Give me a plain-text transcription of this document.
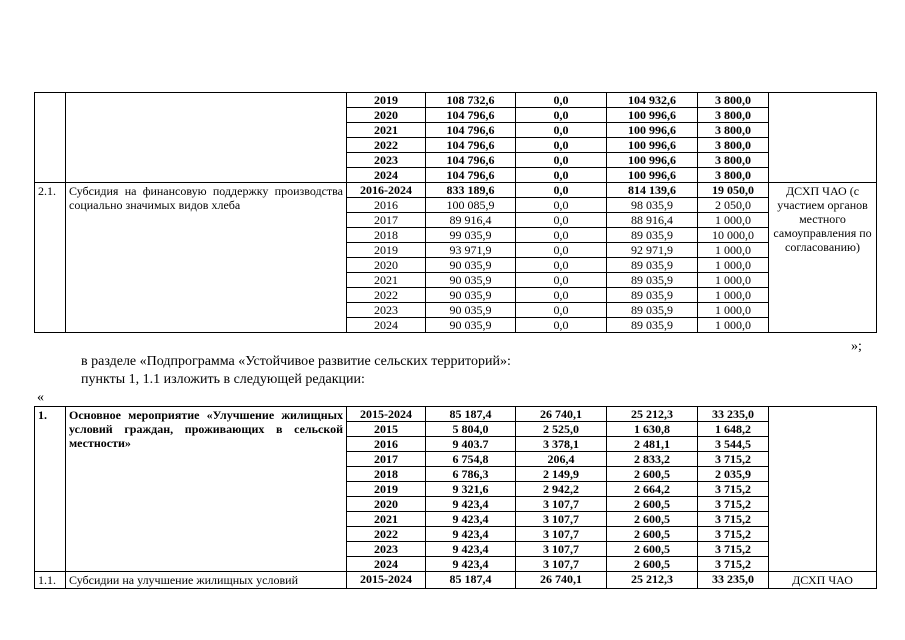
		2019	108 732,6	0,0	104 932,6	3 800,0	
		2020	104 796,6	0,0	100 996,6	3 800,0	
		2021	104 796,6	0,0	100 996,6	3 800,0	
		2022	104 796,6	0,0	100 996,6	3 800,0	
		2023	104 796,6	0,0	100 996,6	3 800,0	
		2024	104 796,6	0,0	100 996,6	3 800,0	
2.1.	Субсидия на финансовую поддержку производства социально значимых видов хлеба	2016-2024	833 189,6	0,0	814 139,6	19 050,0	ДСХП ЧАО (с участием органов местного самоуправления по согласованию)
		2016	100 085,9	0,0	98 035,9	2 050,0	
		2017	89 916,4	0,0	88 916,4	1 000,0	
		2018	99 035,9	0,0	89 035,9	10 000,0	
		2019	93 971,9	0,0	92 971,9	1 000,0	
		2020	90 035,9	0,0	89 035,9	1 000,0	
		2021	90 035,9	0,0	89 035,9	1 000,0	
		2022	90 035,9	0,0	89 035,9	1 000,0	
		2023	90 035,9	0,0	89 035,9	1 000,0	
		2024	90 035,9	0,0	89 035,9	1 000,0	
»;
в разделе «Подпрограмма «Устойчивое развитие сельских территорий»:
пункты 1, 1.1 изложить в следующей редакции:
«
1.	Основное мероприятие «Улучшение жилищных условий граждан, проживающих в сельской местности»	2015-2024	85 187,4	26 740,1	25 212,3	33 235,0	
		2015	5 804,0	2 525,0	1 630,8	1 648,2	
		2016	9 403.7	3 378,1	2 481,1	3 544,5	
		2017	6 754,8	206,4	2 833,2	3 715,2	
		2018	6 786,3	2 149,9	2 600,5	2 035,9	
		2019	9 321,6	2 942,2	2 664,2	3 715,2	
		2020	9 423,4	3 107,7	2 600,5	3 715,2	
		2021	9 423,4	3 107,7	2 600,5	3 715,2	
		2022	9 423,4	3 107,7	2 600,5	3 715,2	
		2023	9 423,4	3 107,7	2 600,5	3 715,2	
		2024	9 423,4	3 107,7	2 600,5	3 715,2	
1.1.	Субсидии на улучшение жилищных условий	2015-2024	85 187,4	26 740,1	25 212,3	33 235,0	ДСХП ЧАО
